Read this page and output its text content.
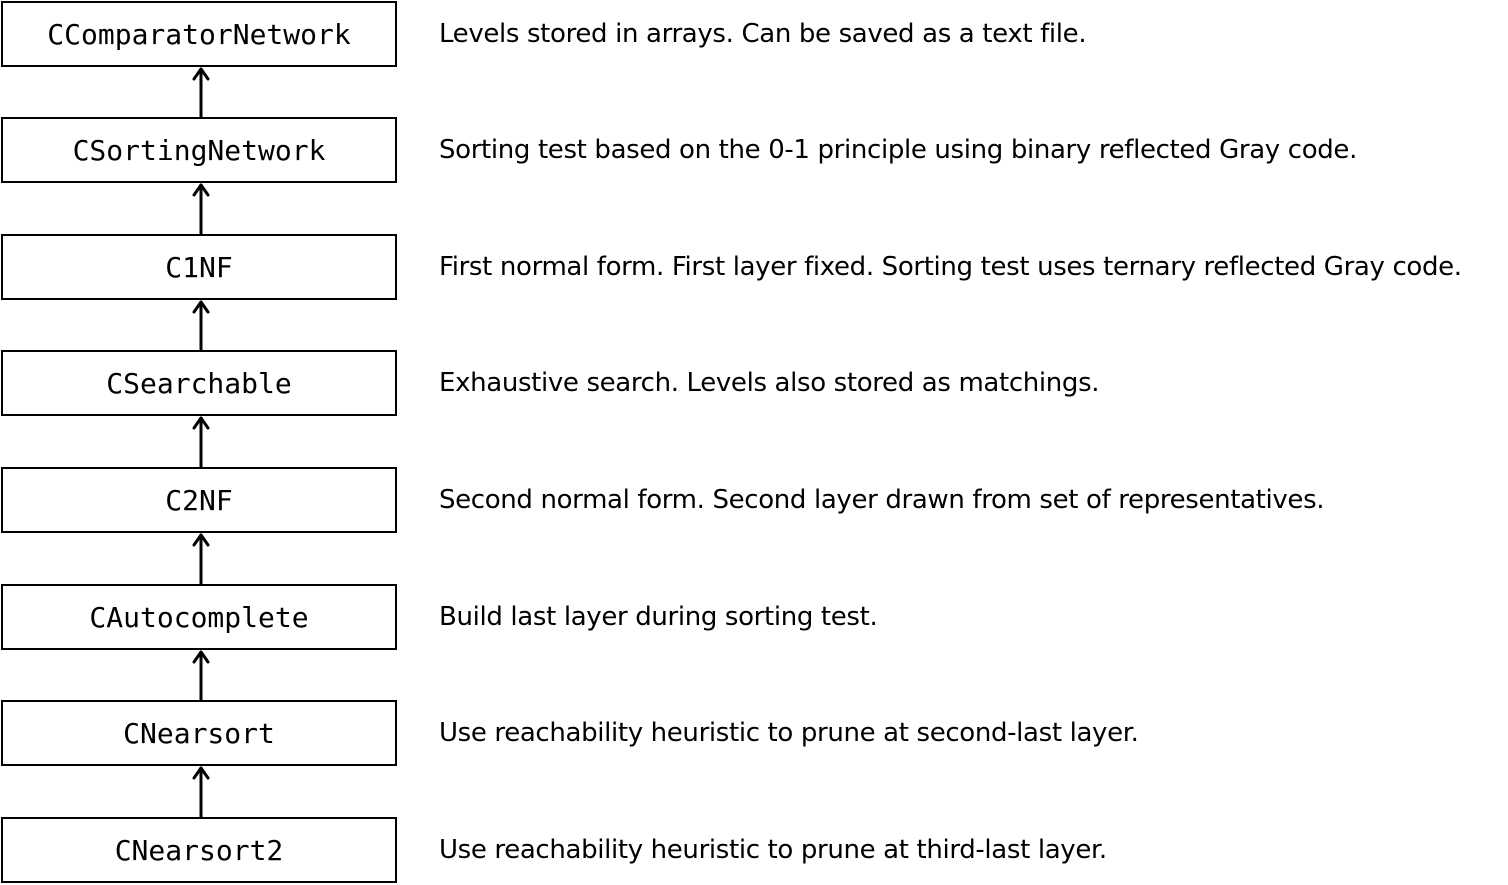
CComparatorNetwork	Levels stored in arrays. Can be saved as a text file.
CSortingNetwork	Sorting test based on the 0-1 principle using binary reflected Gray code.
C1NF	First normal form. First layer fixed. Sorting test uses ternary reflected Gray code.
CSearchable	Exhaustive search. Levels also stored as matchings.
C2NF	Second normal form. Second layer drawn from set of representatives.
CAutocomplete	Build last layer during sorting test.
CNearsort	Use reachability heuristic to prune at second-last layer.
CNearsort2	Use reachability heuristic to prune at third-last layer.
